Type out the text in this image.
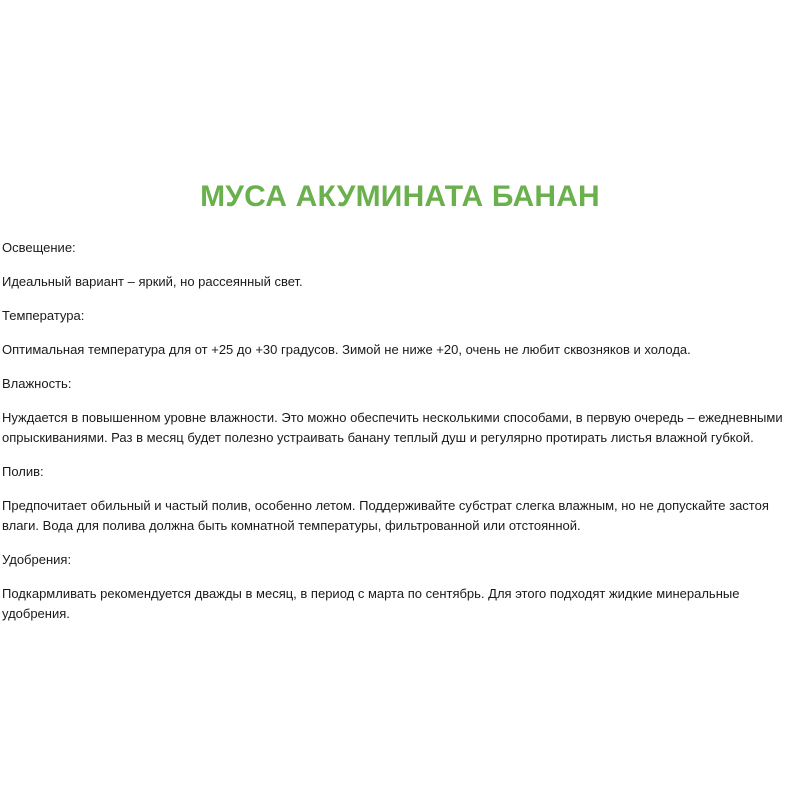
МУСА АКУМИНАТА БАНАН

Освещение:

Идеальный вариант – яркий, но рассеянный свет.

Температура:

Оптимальная температура для от +25 до +30 градусов. Зимой не ниже +20, очень не любит сквозняков и холода.

Влажность:

Нуждается в повышенном уровне влажности. Это можно обеспечить несколькими способами, в первую очередь – ежедневными опрыскиваниями. Раз в месяц будет полезно устраивать банану теплый душ и регулярно протирать листья влажной губкой.

Полив:

Предпочитает обильный и частый полив, особенно летом. Поддерживайте субстрат слегка влажным, но не допускайте застоя влаги. Вода для полива должна быть комнатной температуры, фильтрованной или отстоянной.

Удобрения:

Подкармливать рекомендуется дважды в месяц, в период с марта по сентябрь. Для этого подходят жидкие минеральные удобрения.
